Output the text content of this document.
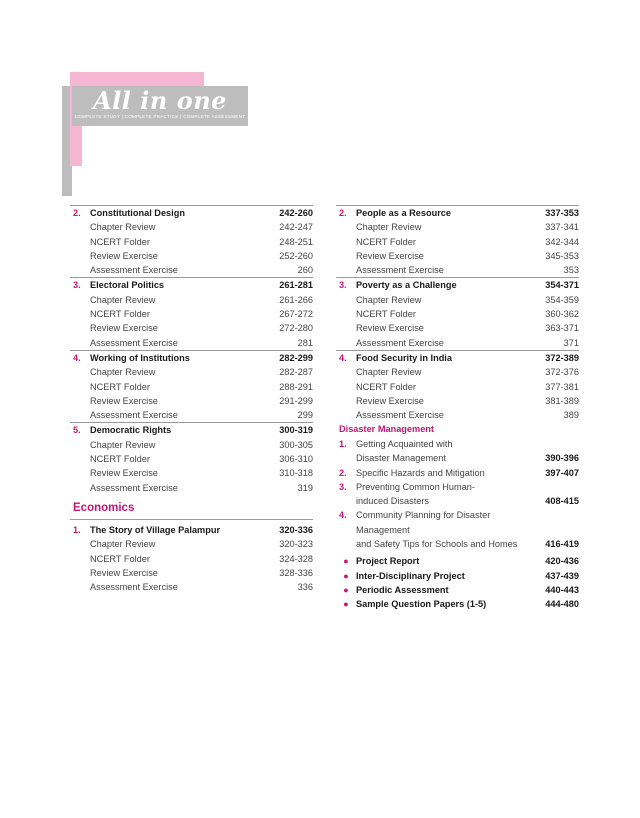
All in one
COMPLETE STUDY | COMPLETE PRACTICE | COMPLETE ASSESSMENT
2.	Constitutional Design	242-260
Chapter Review	242-247
NCERT Folder	248-251
Review Exercise	252-260
Assessment Exercise	260
3.	Electoral Politics	261-281
Chapter Review	261-266
NCERT Folder	267-272
Review Exercise	272-280
Assessment Exercise	281
4.	Working of Institutions	282-299
Chapter Review	282-287
NCERT Folder	288-291
Review Exercise	291-299
Assessment Exercise	299
5.	Democratic Rights	300-319
Chapter Review	300-305
NCERT Folder	306-310
Review Exercise	310-318
Assessment Exercise	319
Economics
1.	The Story of Village Palampur	320-336
Chapter Review	320-323
NCERT Folder	324-328
Review Exercise	328-336
Assessment Exercise	336
2.	People as a Resource	337-353
Chapter Review	337-341
NCERT Folder	342-344
Review Exercise	345-353
Assessment Exercise	353
3.	Poverty as a Challenge	354-371
Chapter Review	354-359
NCERT Folder	360-362
Review Exercise	363-371
Assessment Exercise	371
4.	Food Security in India	372-389
Chapter Review	372-376
NCERT Folder	377-381
Review Exercise	381-389
Assessment Exercise	389
Disaster Management
1.	Getting Acquainted with
Disaster Management	390-396
2.	Specific Hazards and Mitigation	397-407
3.	Preventing Common Human-
induced Disasters	408-415
4.	Community Planning for Disaster Management
and Safety Tips for Schools and Homes	416-419
● Project Report	420-436
● Inter-Disciplinary Project	437-439
● Periodic Assessment	440-443
● Sample Question Papers (1-5)	444-480
